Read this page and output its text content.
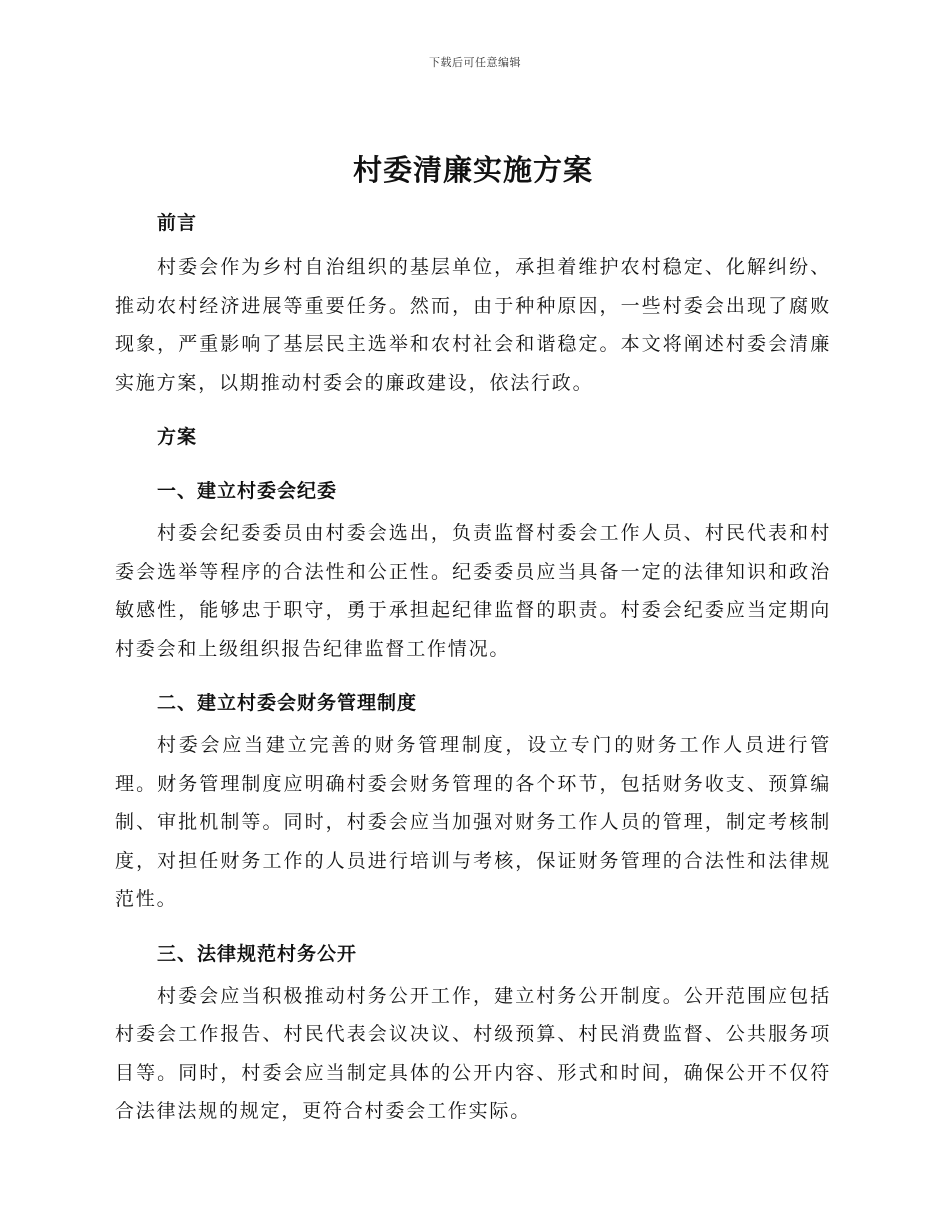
下载后可任意编辑
村委清廉实施方案
前言

村委会作为乡村自治组织的基层单位，承担着维护农村稳定、化解纠纷、推动农村经济进展等重要任务。然而，由于种种原因，一些村委会出现了腐败现象，严重影响了基层民主选举和农村社会和谐稳定。本文将阐述村委会清廉实施方案，以期推动村委会的廉政建设，依法行政。

方案
一、建立村委会纪委

村委会纪委委员由村委会选出，负责监督村委会工作人员、村民代表和村委会选举等程序的合法性和公正性。纪委委员应当具备一定的法律知识和政治敏感性，能够忠于职守，勇于承担起纪律监督的职责。村委会纪委应当定期向村委会和上级组织报告纪律监督工作情况。

二、建立村委会财务管理制度

村委会应当建立完善的财务管理制度，设立专门的财务工作人员进行管理。财务管理制度应明确村委会财务管理的各个环节，包括财务收支、预算编制、审批机制等。同时，村委会应当加强对财务工作人员的管理，制定考核制度，对担任财务工作的人员进行培训与考核，保证财务管理的合法性和法律规范性。

三、法律规范村务公开

村委会应当积极推动村务公开工作，建立村务公开制度。公开范围应包括村委会工作报告、村民代表会议决议、村级预算、村民消费监督、公共服务项目等。同时，村委会应当制定具体的公开内容、形式和时间，确保公开不仅符合法律法规的规定，更符合村委会工作实际。
